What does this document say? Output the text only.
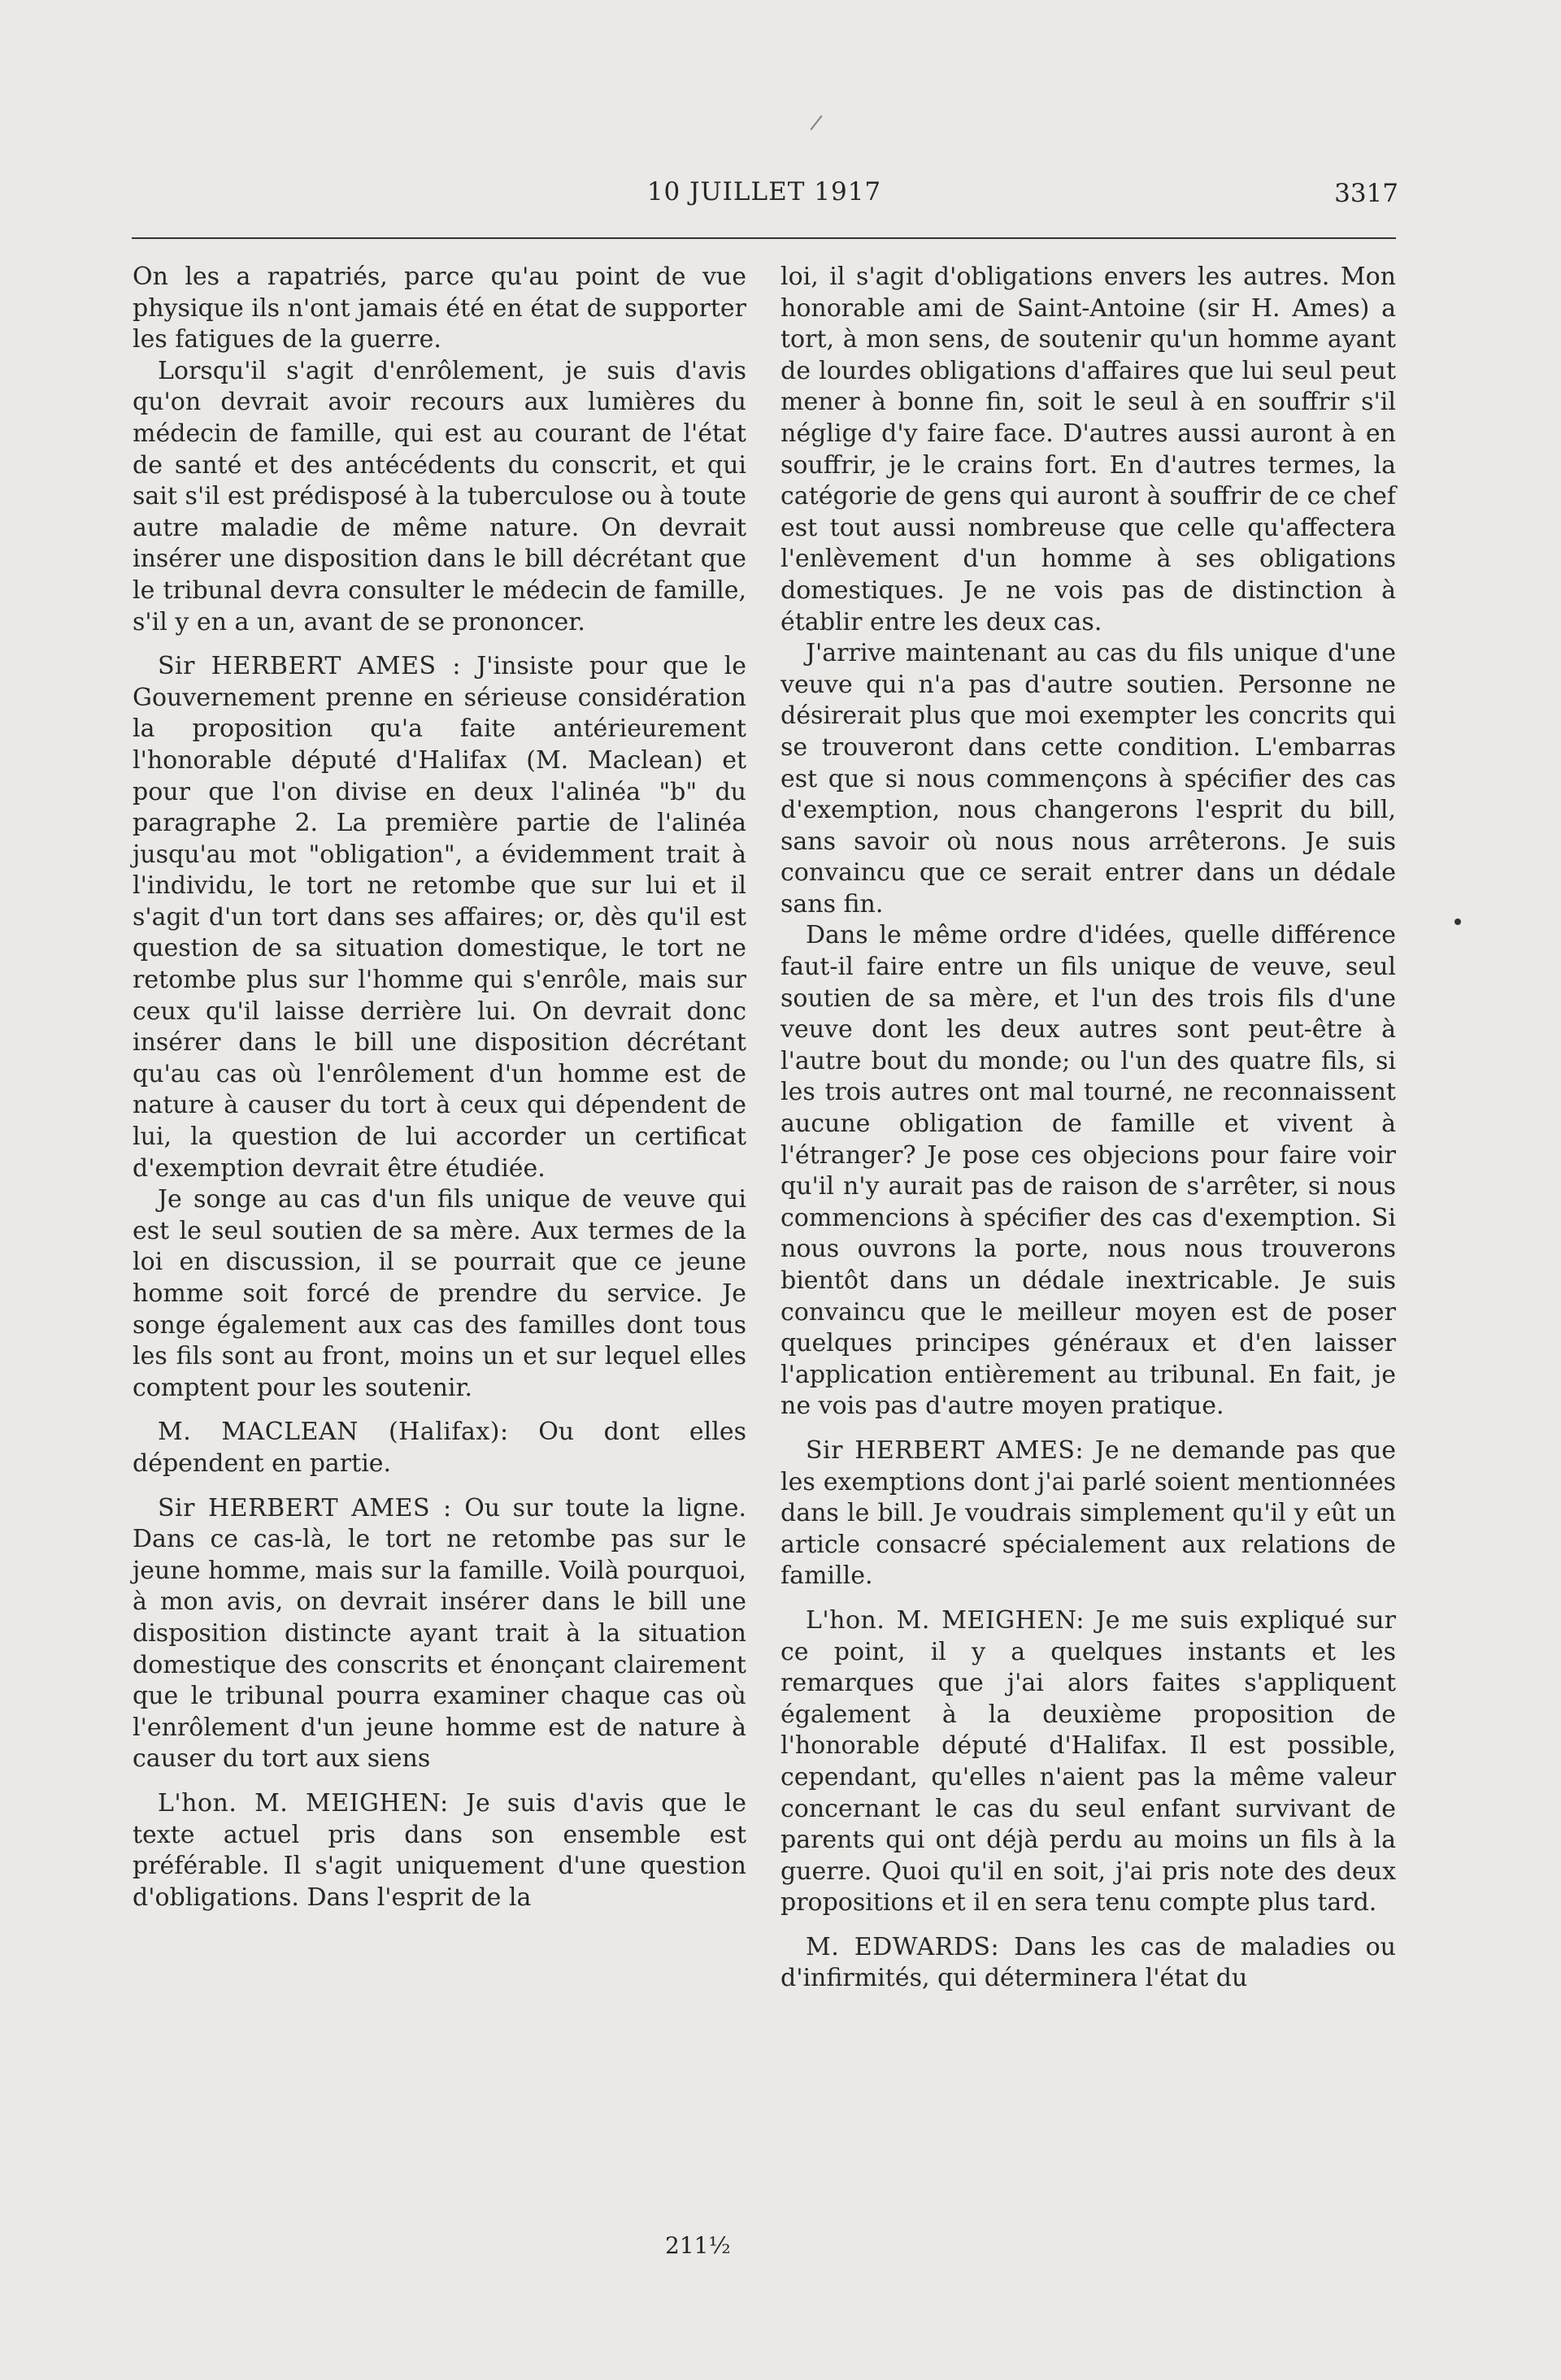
10 JUILLET 1917	3317

On les a rapatriés, parce qu'au point de vue physique ils n'ont jamais été en état de supporter les fatigues de la guerre.

Lorsqu'il s'agit d'enrôlement, je suis d'avis qu'on devrait avoir recours aux lumières du médecin de famille, qui est au courant de l'état de santé et des antécédents du conscrit, et qui sait s'il est prédisposé à la tuberculose ou à toute autre maladie de même nature. On devrait insérer une disposition dans le bill décrétant que le tribunal devra consulter le médecin de famille, s'il y en a un, avant de se prononcer.

Sir HERBERT AMES : J'insiste pour que le Gouvernement prenne en sérieuse considération la proposition qu'a faite antérieurement l'honorable député d'Halifax (M. Maclean) et pour que l'on divise en deux l'alinéa "b" du paragraphe 2. La première partie de l'alinéa jusqu'au mot "obligation", a évidemment trait à l'individu, le tort ne retombe que sur lui et il s'agit d'un tort dans ses affaires; or, dès qu'il est question de sa situation domestique, le tort ne retombe plus sur l'homme qui s'enrôle, mais sur ceux qu'il laisse derrière lui. On devrait donc insérer dans le bill une disposition décrétant qu'au cas où l'enrôlement d'un homme est de nature à causer du tort à ceux qui dépendent de lui, la question de lui accorder un certificat d'exemption devrait être étudiée.

Je songe au cas d'un fils unique de veuve qui est le seul soutien de sa mère. Aux termes de la loi en discussion, il se pourrait que ce jeune homme soit forcé de prendre du service. Je songe également aux cas des familles dont tous les fils sont au front, moins un et sur lequel elles comptent pour les soutenir.

M. MACLEAN (Halifax): Ou dont elles dépendent en partie.

Sir HERBERT AMES : Ou sur toute la ligne. Dans ce cas-là, le tort ne retombe pas sur le jeune homme, mais sur la famille. Voilà pourquoi, à mon avis, on devrait insérer dans le bill une disposition distincte ayant trait à la situation domestique des conscrits et énonçant clairement que le tribunal pourra examiner chaque cas où l'enrôlement d'un jeune homme est de nature à causer du tort aux siens

L'hon. M. MEIGHEN: Je suis d'avis que le texte actuel pris dans son ensemble est préférable. Il s'agit uniquement d'une question d'obligations. Dans l'esprit de la

loi, il s'agit d'obligations envers les autres. Mon honorable ami de Saint-Antoine (sir H. Ames) a tort, à mon sens, de soutenir qu'un homme ayant de lourdes obligations d'affaires que lui seul peut mener à bonne fin, soit le seul à en souffrir s'il néglige d'y faire face. D'autres aussi auront à en souffrir, je le crains fort. En d'autres termes, la catégorie de gens qui auront à souffrir de ce chef est tout aussi nombreuse que celle qu'affectera l'enlèvement d'un homme à ses obligations domestiques. Je ne vois pas de distinction à établir entre les deux cas.

J'arrive maintenant au cas du fils unique d'une veuve qui n'a pas d'autre soutien. Personne ne désirerait plus que moi exempter les concrits qui se trouveront dans cette condition. L'embarras est que si nous commençons à spécifier des cas d'exemption, nous changerons l'esprit du bill, sans savoir où nous nous arrêterons. Je suis convaincu que ce serait entrer dans un dédale sans fin.

Dans le même ordre d'idées, quelle différence faut-il faire entre un fils unique de veuve, seul soutien de sa mère, et l'un des trois fils d'une veuve dont les deux autres sont peut-être à l'autre bout du monde; ou l'un des quatre fils, si les trois autres ont mal tourné, ne reconnaissent aucune obligation de famille et vivent à l'étranger? Je pose ces objecions pour faire voir qu'il n'y aurait pas de raison de s'arrêter, si nous commencions à spécifier des cas d'exemption. Si nous ouvrons la porte, nous nous trouverons bientôt dans un dédale inextricable. Je suis convaincu que le meilleur moyen est de poser quelques principes généraux et d'en laisser l'application entièrement au tribunal. En fait, je ne vois pas d'autre moyen pratique.

Sir HERBERT AMES: Je ne demande pas que les exemptions dont j'ai parlé soient mentionnées dans le bill. Je voudrais simplement qu'il y eût un article consacré spécialement aux relations de famille.

L'hon. M. MEIGHEN: Je me suis expliqué sur ce point, il y a quelques instants et les remarques que j'ai alors faites s'appliquent également à la deuxième proposition de l'honorable député d'Halifax. Il est possible, cependant, qu'elles n'aient pas la même valeur concernant le cas du seul enfant survivant de parents qui ont déjà perdu au moins un fils à la guerre. Quoi qu'il en soit, j'ai pris note des deux propositions et il en sera tenu compte plus tard.

M. EDWARDS: Dans les cas de maladies ou d'infirmités, qui déterminera l'état du

211½
